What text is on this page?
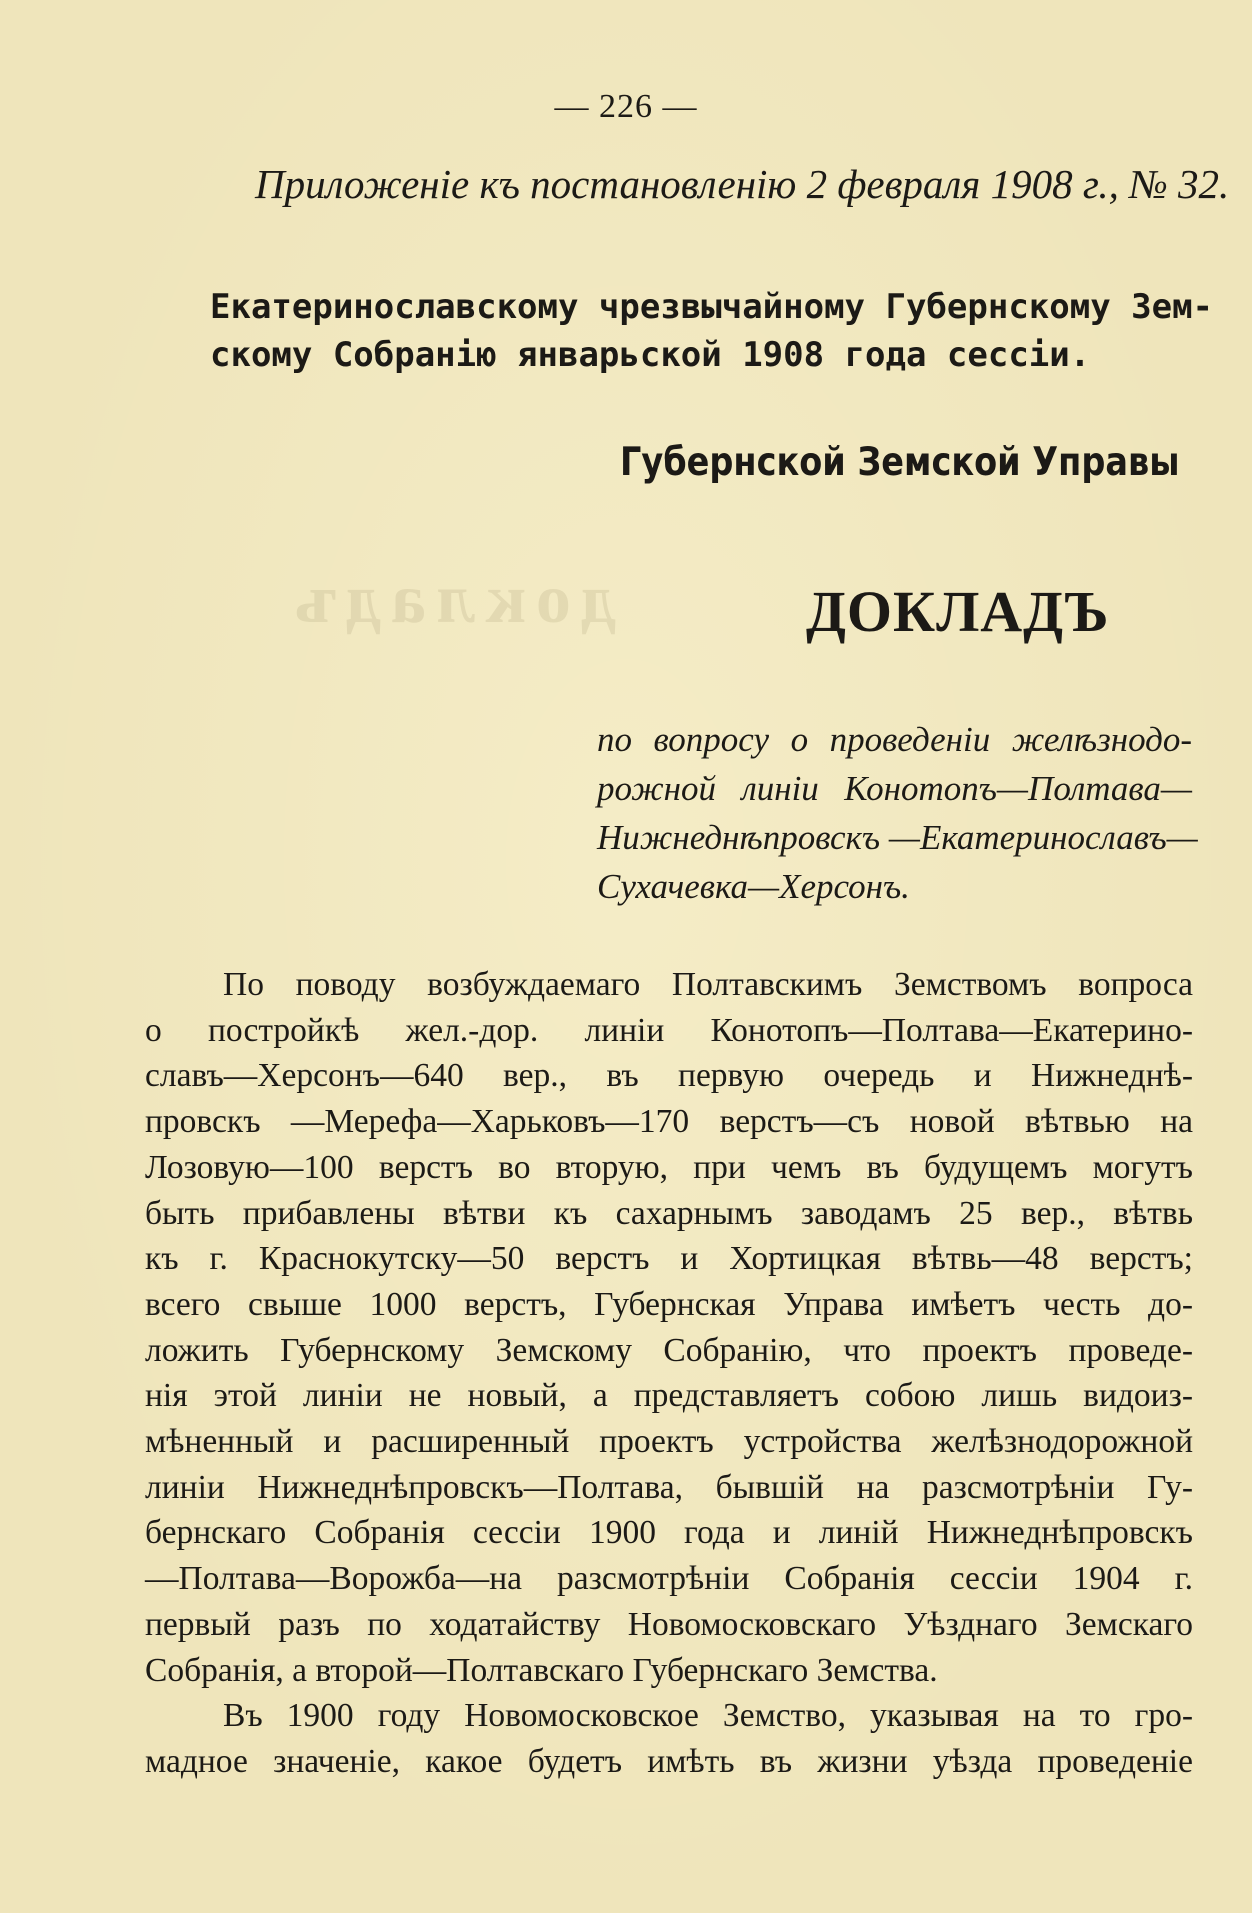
докладъ
— 226 —
Приложеніе къ постановленію 2 февраля 1908 г., № 32.
Екатеринославскому чрезвычайному Губернскому Зем-
скому Собранію январьской 1908 года сессіи.
Губернской Земской Управы
ДОКЛАДЪ
по вопросу о проведеніи желѣзнодо-
рожной линіи Конотопъ—Полтава—
Нижнеднѣпровскъ —Екатеринославъ—
Сухачевка—Херсонъ.
По поводу возбуждаемаго Полтавскимъ Земствомъ вопроса
о постройкѣ жел.-дор. линіи Конотопъ—Полтава—Екатерино-
славъ—Херсонъ—640 вер., въ первую очередь и Нижнеднѣ-
провскъ —Мерефа—Харьковъ—170 верстъ—съ новой вѣтвью на
Лозовую—100 верстъ во вторую, при чемъ въ будущемъ могутъ
быть прибавлены вѣтви къ сахарнымъ заводамъ 25 вер., вѣтвь
къ г. Краснокутску—50 верстъ и Хортицкая вѣтвь—48 верстъ;
всего свыше 1000 верстъ, Губернская Управа имѣетъ честь до-
ложить Губернскому Земскому Собранію, что проектъ проведе-
нія этой линіи не новый, а представляетъ собою лишь видоиз-
мѣненный и расширенный проектъ устройства желѣзнодорожной
линіи Нижнеднѣпровскъ—Полтава, бывшій на разсмотрѣніи Гу-
бернскаго Собранія сессіи 1900 года и линій Нижнеднѣпровскъ
—Полтава—Ворожба—на разсмотрѣніи Собранія сессіи 1904 г.
первый разъ по ходатайству Новомосковскаго Уѣзднаго Земскаго
Собранія, а второй—Полтавскаго Губернскаго Земства.
Въ 1900 году Новомосковское Земство, указывая на то гро-
мадное значеніе, какое будетъ имѣть въ жизни уѣзда проведеніе
